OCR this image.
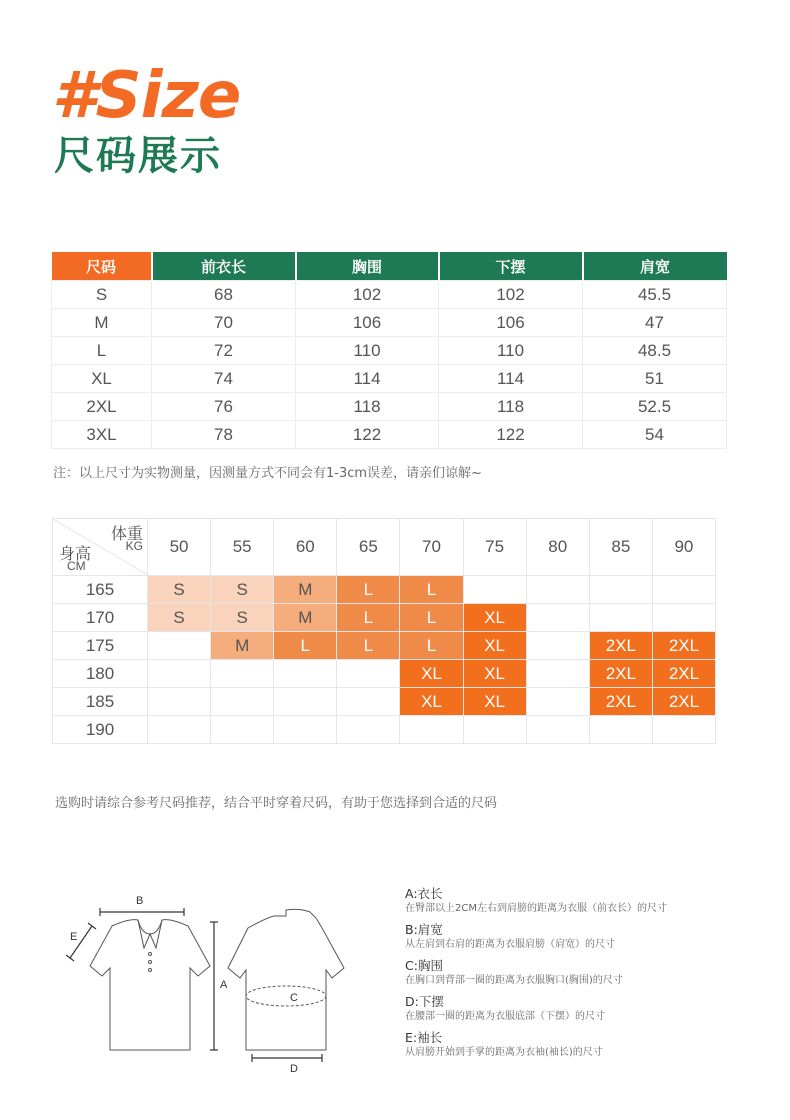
#Size
尺码展示
尺码	前衣长	胸围	下摆	肩宽
S	68	102	102	45.5
M	70	106	106	47
L	72	110	110	48.5
XL	74	114	114	51
2XL	76	118	118	52.5
3XL	78	122	122	54

注：以上尺寸为实物测量，因测量方式不同会有1-3cm误差，请亲们谅解~

体重
KG
身高
CM	50	55	60	65	70	75	80	85	90
165	S	S	M	L	L				
170	S	S	M	L	L	XL			
175		M	L	L	L	XL		2XL	2XL
180					XL	XL		2XL	2XL
185					XL	XL		2XL	2XL
190									

选购时请综合参考尺码推荐，结合平时穿着尺码，有助于您选择到合适的尺码

B
E
A
C
D
A:衣长
在臀部以上2CM左右到肩膀的距离为衣服（前衣长）的尺寸
B:肩宽
从左肩到右肩的距离为衣服肩膀（肩宽）的尺寸
C:胸围
在胸口到背部一圈的距离为衣服胸口(胸围)的尺寸
D:下摆
在腰部一圈的距离为衣服底部（下摆）的尺寸
E:袖长
从肩膀开始到手掌的距离为衣袖(袖长)的尺寸
